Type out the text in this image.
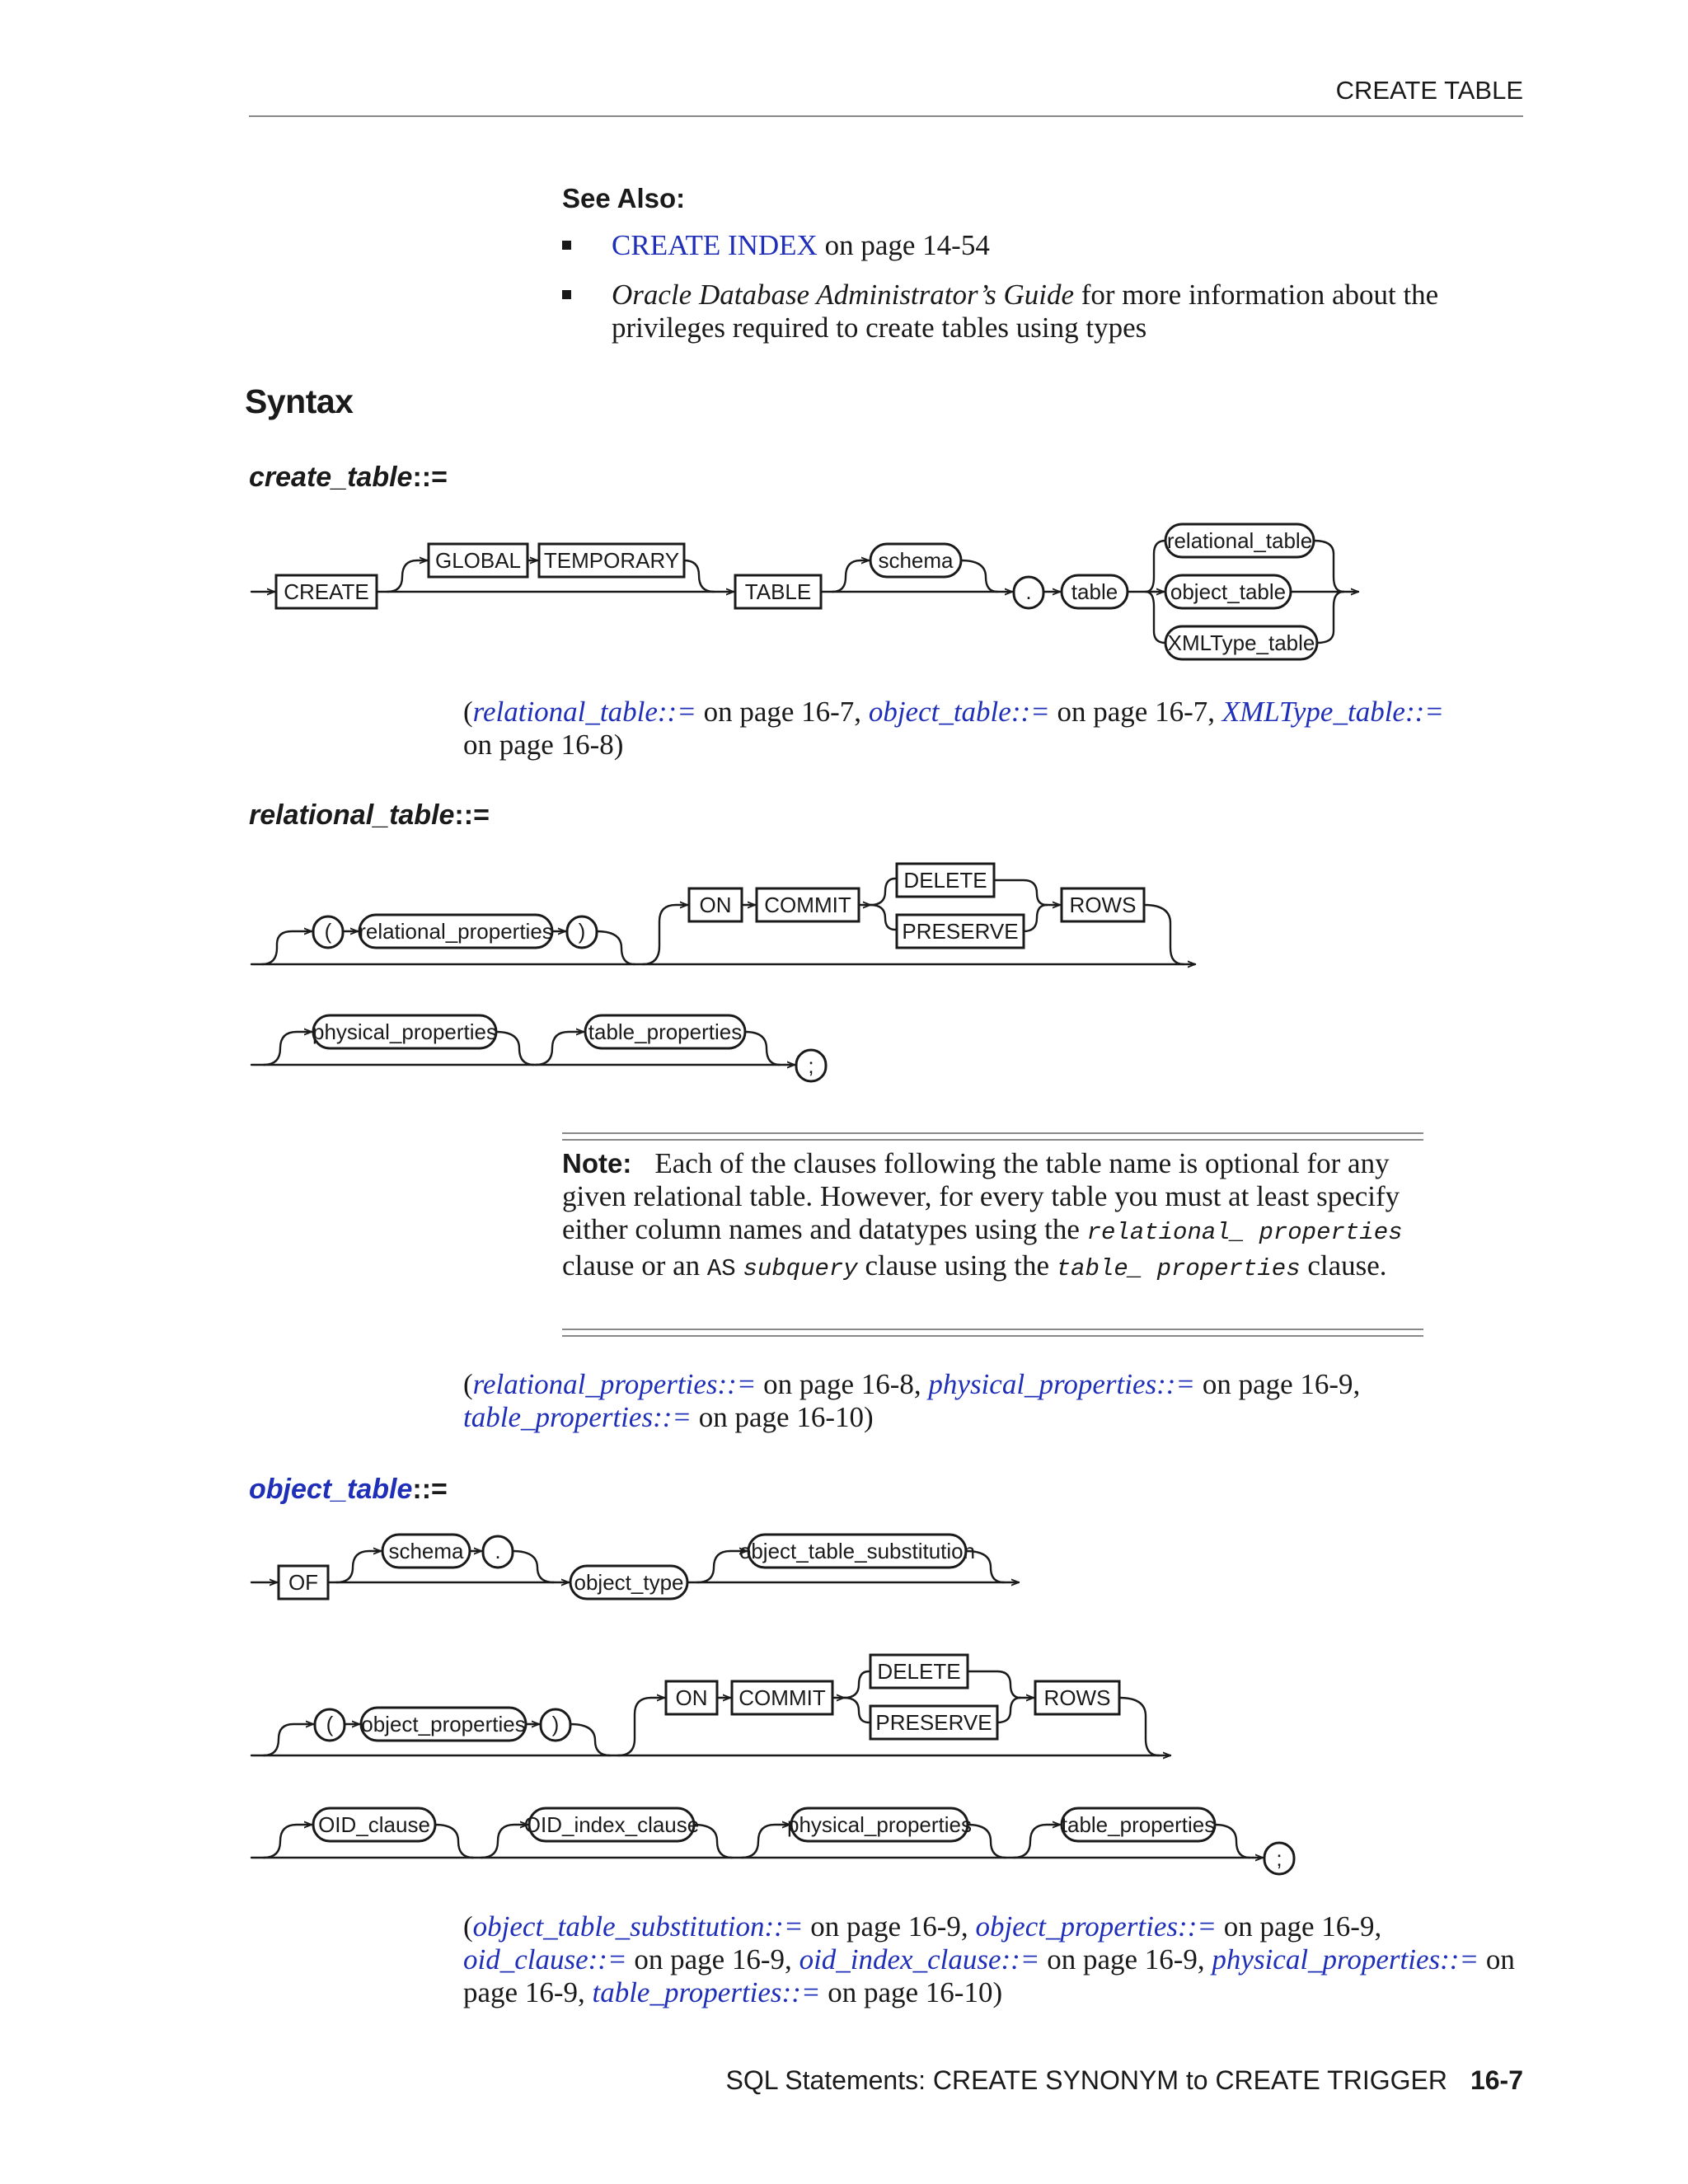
CREATE TABLE
See Also:
CREATE INDEX on page 14-54
Oracle Database Administrator’s Guide for more information about the privileges required to create tables using types
Syntax
create_table::=
relational_table::=
object_table::=
(relational_table::= on page 16-7, object_table::= on page 16-7, XMLType_table::= on page 16-8)
(relational_properties::= on page 16-8, physical_properties::= on page 16-9, table_properties::= on page 16-10)
(object_table_substitution::= on page 16-9, object_properties::= on page 16-9, oid_clause::= on page 16-9, oid_index_clause::= on page 16-9, physical_properties::= on page 16-9, table_properties::= on page 16-10)
Note: Each of the clauses following the table name is optional for any given relational table. However, for every table you must at least specify either column names and datatypes using the relational_ properties clause or an AS subquery clause using the table_ properties clause.
SQL Statements: CREATE SYNONYM to CREATE TRIGGER 16-7
CREATE
GLOBAL TEMPORARY
TABLE
schema
. table
relational_table
object_table
XMLType_table
( relational_properties )
ON COMMIT
DELETE
PRESERVE
ROWS
physical_properties	table_properties
;
OF
schema .
object_type
object_table_substitution
( object_properties )
ON COMMIT
DELETE
PRESERVE
ROWS
OID_clause	OID_index_clause	physical_properties	table_properties
;
